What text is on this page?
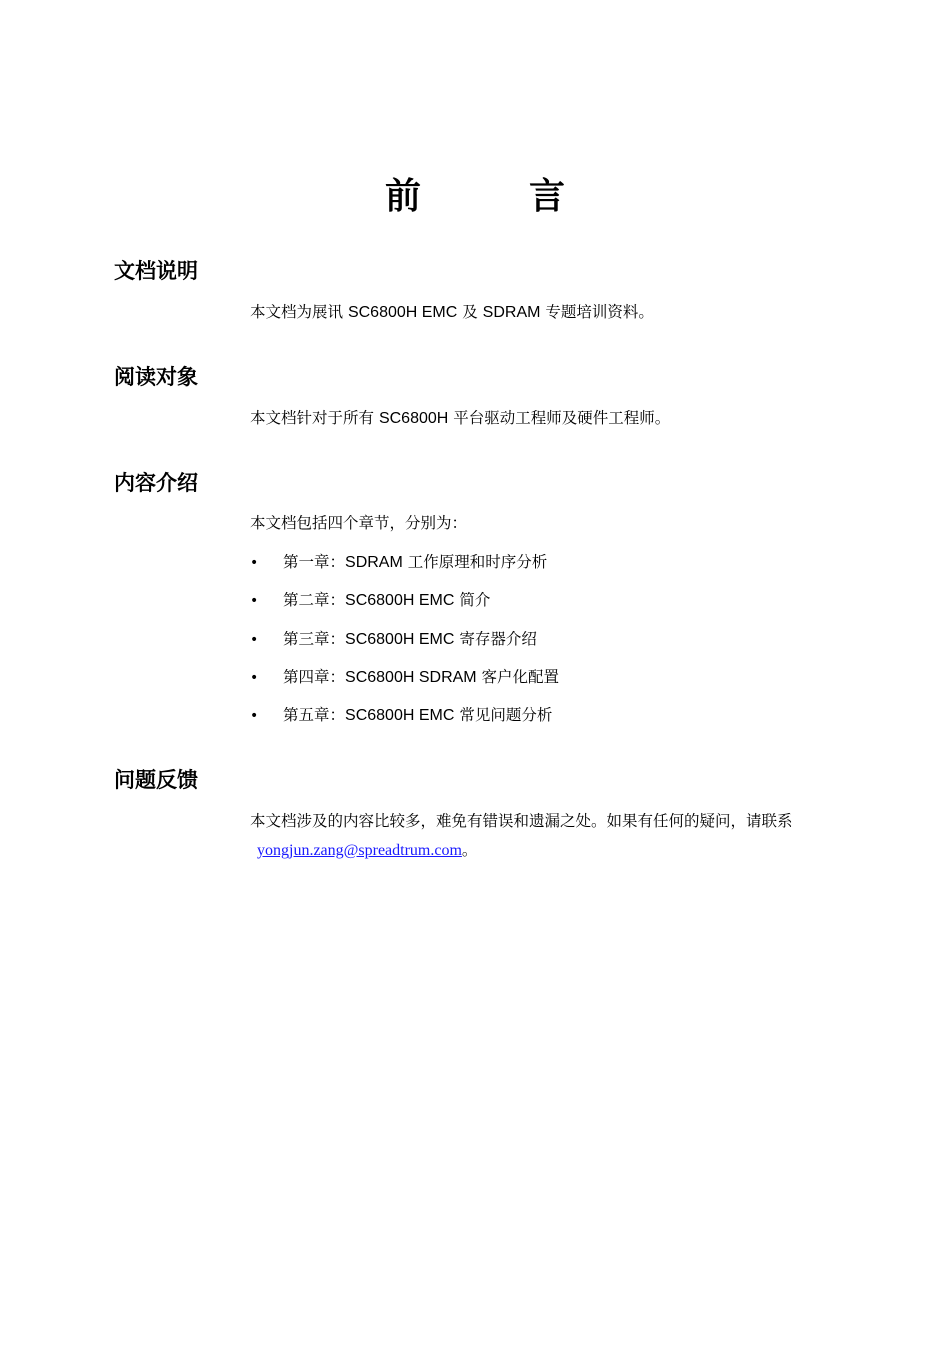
前　言
文档说明

本文档为展讯 SC6800H EMC 及 SDRAM 专题培训资料。

阅读对象

本文档针对于所有 SC6800H 平台驱动工程师及硬件工程师。

内容介绍

本文档包括四个章节，分别为：

• 第一章：SDRAM 工作原理和时序分析
• 第二章：SC6800H EMC 简介
• 第三章：SC6800H EMC 寄存器介绍
• 第四章：SC6800H SDRAM 客户化配置
• 第五章：SC6800H EMC 常见问题分析
问题反馈

本文档涉及的内容比较多，难免有错误和遗漏之处。如果有任何的疑问，请联系

yongjun.zang@spreadtrum.com。
